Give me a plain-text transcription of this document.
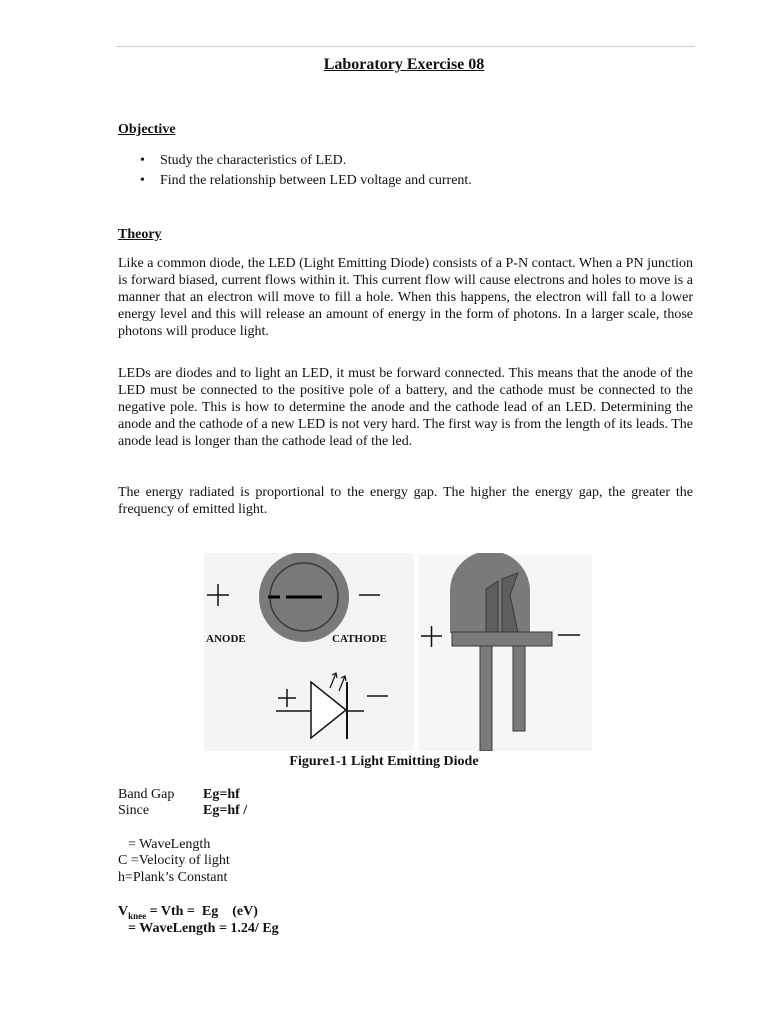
Laboratory Exercise 08
Objective
• Study the characteristics of LED.
• Find the relationship between LED voltage and current.
Theory

Like a common diode, the LED (Light Emitting Diode) consists of a P-N contact. When a PN junction is forward biased, current flows within it. This current flow will cause electrons and holes to move is a manner that an electron will move to fill a hole. When this happens, the electron will fall to a lower energy level and this will release an amount of energy in the form of photons. In a larger scale, those photons will produce light.

LEDs are diodes and to light an LED, it must be forward connected. This means that the anode of the LED must be connected to the positive pole of a battery, and the cathode must be connected to the negative pole. This is how to determine the anode and the cathode lead of an LED. Determining the anode and the cathode of a new LED is not very hard. The first way is from the length of its leads. The anode lead is longer than the cathode lead of the led.

The energy radiated is proportional to the energy gap. The higher the energy gap, the greater the frequency of emitted light.

ANODE	CATHODE
Figure1-1 Light Emitting Diode
Band Gap Eg=hf
Since	Eg=hf /
= WaveLength
C =Velocity of light
h=Plank’s Constant
$V_{knee}$ = Vth =  Eg    (eV)
= WaveLength = 1.24/ Eg
